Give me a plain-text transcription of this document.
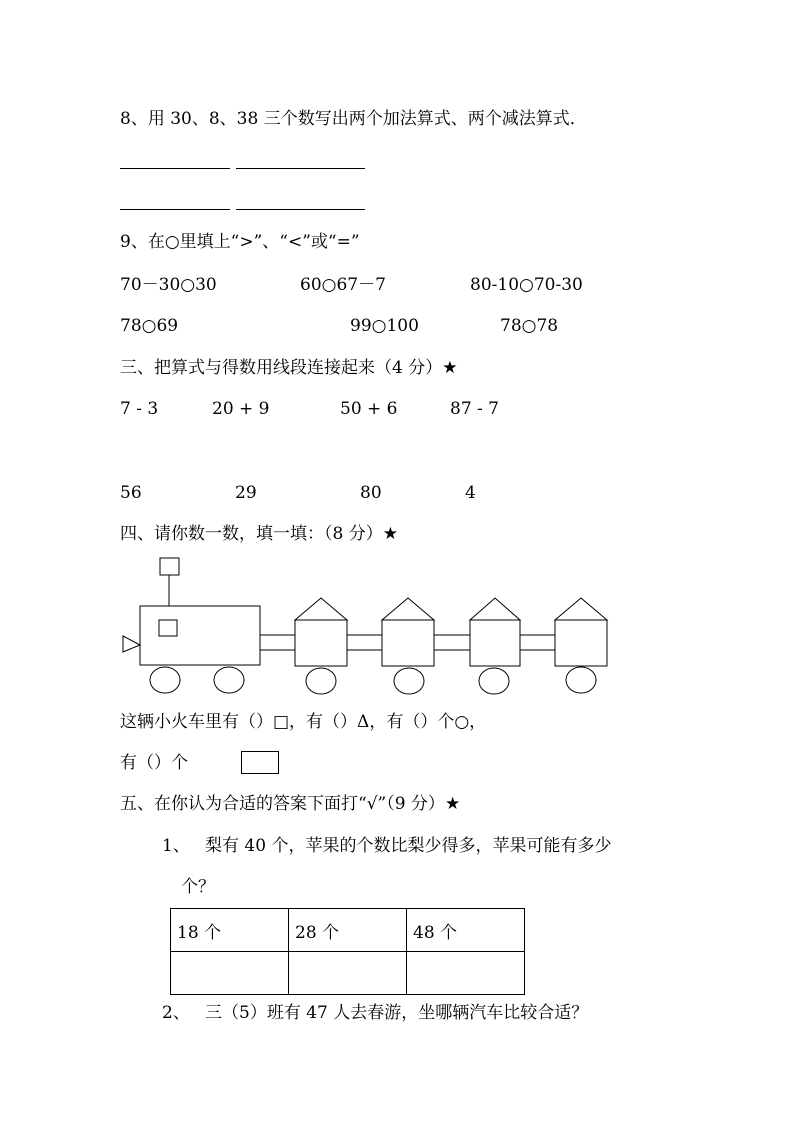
8、用 30、8、38 三个数写出两个加法算式、两个减法算式．
9、在○里填上“>”、“<”或“=”
70－30○30	60○67－7	80-10○70-30
78○69	99○100	78○78
三、把算式与得数用线段连接起来（4 分）★
7 - 3	20 + 9	50 + 6	87 - 7
56	29	80	4
四、请你数一数，填一填：（8 分）★
这辆小火车里有（）□，有（）Δ，有（）个○，
有（）个
五、在你认为合适的答案下面打“√”（9 分）★
1、 梨有 40 个，苹果的个数比梨少得多，苹果可能有多少
个？
18 个	28 个	48 个

2、 三（5）班有 47 人去春游，坐哪辆汽车比较合适？
